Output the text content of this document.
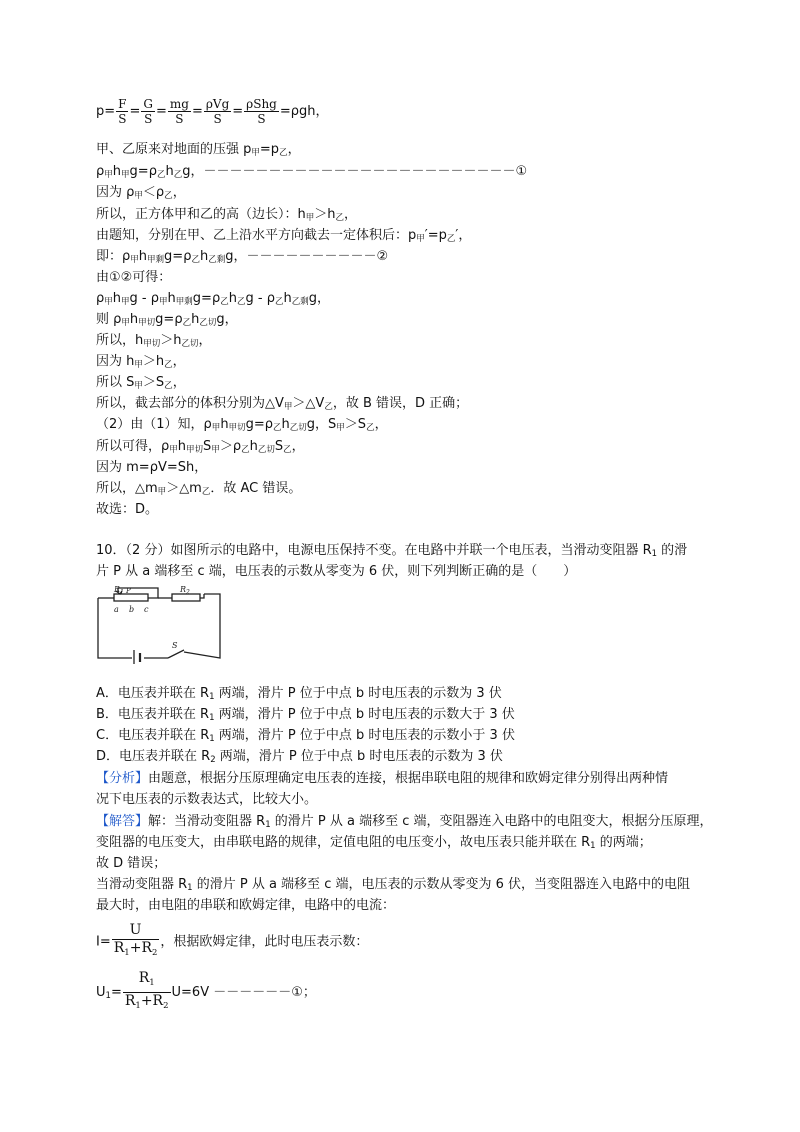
$p= \frac{F}{S} = \frac{G}{S} = \frac{mg}{S} = \frac{\text{ρVg}}{S} = \frac{\text{ρShg}}{S} =\rho gh$，
甲、乙原来对地面的压强 $p_甲=p_乙$，
$\rho_甲h_甲g=\rho_乙h_乙g$，－－－－－－－－－－－－－－－－－－－－－－－－①
因为 $\rho_甲<\rho_乙$，
所以，正方体甲和乙的高（边长）：$h_甲>h_乙$，
由题知，分别在甲、乙上沿水平方向截去一定体积后：$p_甲'=p_乙'$，
即：$\rho_甲h_{甲剩}g=\rho_乙h_{乙剩}g$，－－－－－－－－－－②
由①②可得：
$\rho_甲h_甲g - \rho_甲h_{甲剩}g=\rho_乙h_乙g - \rho_乙h_{乙剩}g$，
则 $\rho_甲h_{甲切}g=\rho_乙h_{乙切}g$，
所以，$h_{甲切}>h_{乙切}$，
因为 $h_甲>h_乙$，
所以 $S_甲>S_乙$，
所以，截去部分的体积分别为$\triangle V_甲>\triangle V_乙$，故 B 错误，D 正确；
（2）由（1）知，$\rho_甲h_{甲切}g=\rho_乙h_{乙切}g$，$S_甲>S_乙$，
所以可得，$\rho_甲h_{甲切}S_甲>\rho_乙h_{乙切}S_乙$，
因为 m=ρV=Sh，
所以，$\triangle m_甲>\triangle m_乙$．故 AC 错误。
故选：D。
10．（2 分）如图所示的电路中，电源电压保持不变。在电路中并联一个电压表，当滑动变阻器 $R_1$ 的滑
片 P 从 a 端移至 c 端，电压表的示数从零变为 6 伏，则下列判断正确的是（　　）
$R_1$ P
a b c
$R_2$
S
A．电压表并联在 $R_1$ 两端，滑片 P 位于中点 b 时电压表的示数为 3 伏
B．电压表并联在 $R_1$ 两端，滑片 P 位于中点 b 时电压表的示数大于 3 伏
C．电压表并联在 $R_1$ 两端，滑片 P 位于中点 b 时电压表的示数小于 3 伏
D．电压表并联在 $R_2$ 两端，滑片 P 位于中点 b 时电压表的示数为 3 伏
【分析】由题意，根据分压原理确定电压表的连接，根据串联电阻的规律和欧姆定律分别得出两种情
况下电压表的示数表达式，比较大小。
【解答】解：当滑动变阻器 $R_1$ 的滑片 P 从 a 端移至 c 端，变阻器连入电路中的电阻变大，根据分压原理，
变阻器的电压变大，由串联电路的规律，定值电阻的电压变小，故电压表只能并联在 $R_1$ 的两端；
故 D 错误；
当滑动变阻器 $R_1$ 的滑片 P 从 a 端移至 c 端，电压表的示数从零变为 6 伏，当变阻器连入电路中的电阻
最大时，由电阻的串联和欧姆定律，电路中的电流：
$I= \frac{U}{R_1+R_2}$ ，根据欧姆定律，此时电压表示数：
$U_1= \frac{R_1}{R_1+R_2} U=6V$ －－－－－－①；
